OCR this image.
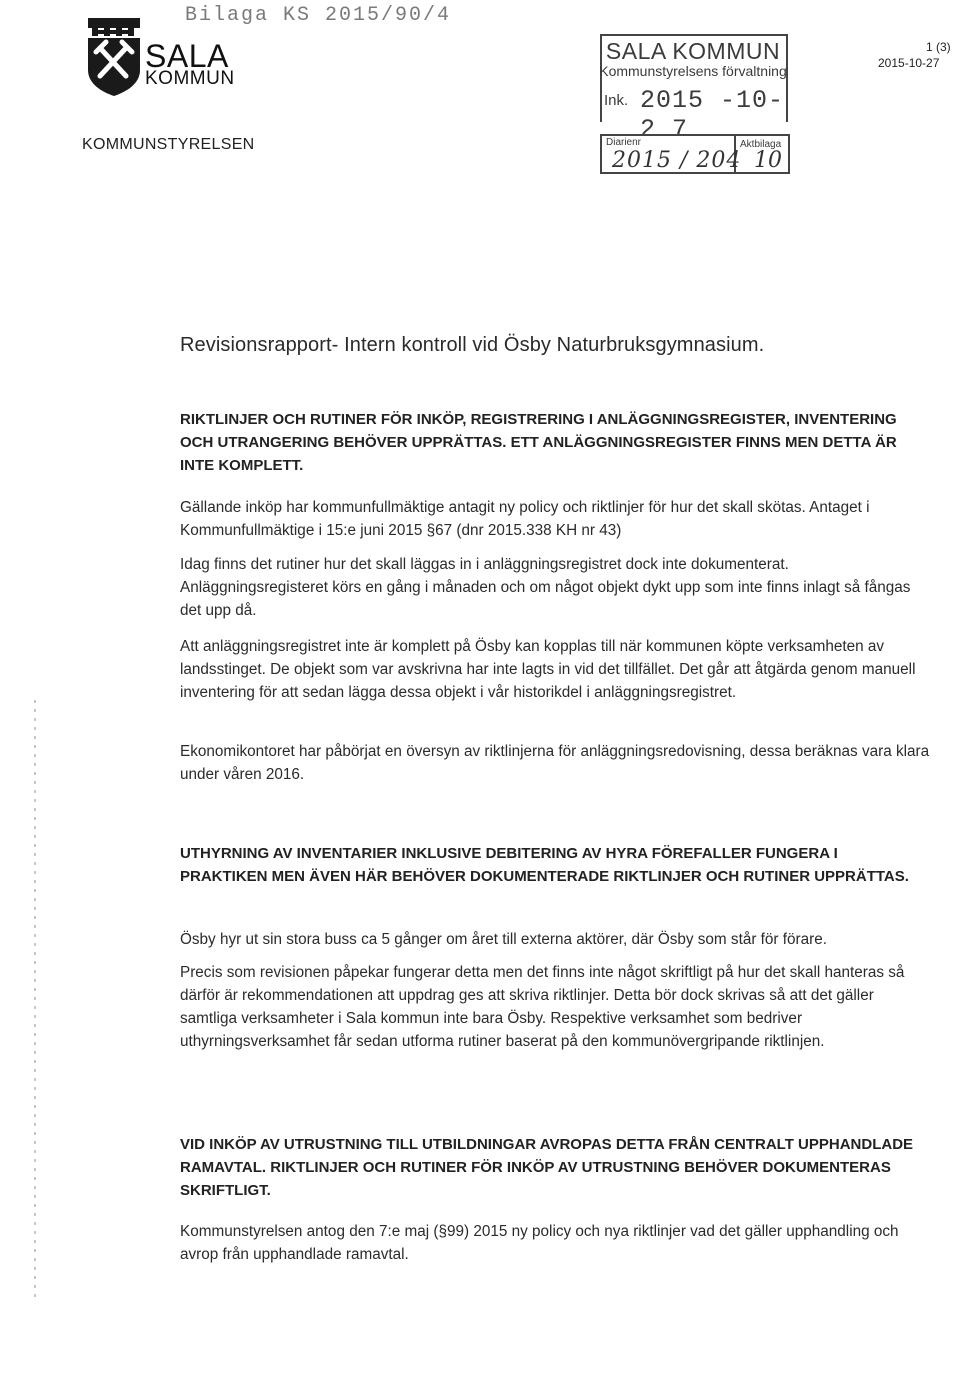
Bilaga KS 2015/90/4
SALA
KOMMUN
KOMMUNSTYRELSEN
SALA KOMMUN
Kommunstyrelsens förvaltning
Ink. 2015 -10- 2 7
Diarienr	Aktbilaga
2015 / 204 10
1 (3)
2015-10-27
Revisionsrapport- Intern kontroll vid Ösby Naturbruksgymnasium.
RIKTLINJER OCH RUTINER FÖR INKÖP, REGISTRERING I ANLÄGGNINGSREGISTER, INVENTERING OCH UTRANGERING BEHÖVER UPPRÄTTAS. ETT ANLÄGGNINGSREGISTER FINNS MEN DETTA ÄR INTE KOMPLETT.
Gällande inköp har kommunfullmäktige antagit ny policy och riktlinjer för hur det skall skötas. Antaget i Kommunfullmäktige i 15:e juni 2015 §67 (dnr 2015.338 KH nr 43)
Idag finns det rutiner hur det skall läggas in i anläggningsregistret dock inte dokumenterat. Anläggningsregisteret körs en gång i månaden och om något objekt dykt upp som inte finns inlagt så fångas det upp då.
Att anläggningsregistret inte är komplett på Ösby kan kopplas till när kommunen köpte verksamheten av landsstinget. De objekt som var avskrivna har inte lagts in vid det tillfället. Det går att åtgärda genom manuell inventering för att sedan lägga dessa objekt i vår historikdel i anläggningsregistret.
Ekonomikontoret har påbörjat en översyn av riktlinjerna för anläggningsredovisning, dessa beräknas vara klara under våren 2016.
UTHYRNING AV INVENTARIER INKLUSIVE DEBITERING AV HYRA FÖREFALLER FUNGERA I PRAKTIKEN MEN ÄVEN HÄR BEHÖVER DOKUMENTERADE RIKTLINJER OCH RUTINER UPPRÄTTAS.
Ösby hyr ut sin stora buss ca 5 gånger om året till externa aktörer, där Ösby som står för förare.
Precis som revisionen påpekar fungerar detta men det finns inte något skriftligt på hur det skall hanteras så därför är rekommendationen att uppdrag ges att skriva riktlinjer. Detta bör dock skrivas så att det gäller samtliga verksamheter i Sala kommun inte bara Ösby. Respektive verksamhet som bedriver uthyrningsverksamhet får sedan utforma rutiner baserat på den kommunövergripande riktlinjen.
VID INKÖP AV UTRUSTNING TILL UTBILDNINGAR AVROPAS DETTA FRÅN CENTRALT UPPHANDLADE RAMAVTAL. RIKTLINJER OCH RUTINER FÖR INKÖP AV UTRUSTNING BEHÖVER DOKUMENTERAS SKRIFTLIGT.
Kommunstyrelsen antog den 7:e maj (§99) 2015 ny policy och nya riktlinjer vad det gäller upphandling och avrop från upphandlade ramavtal.
